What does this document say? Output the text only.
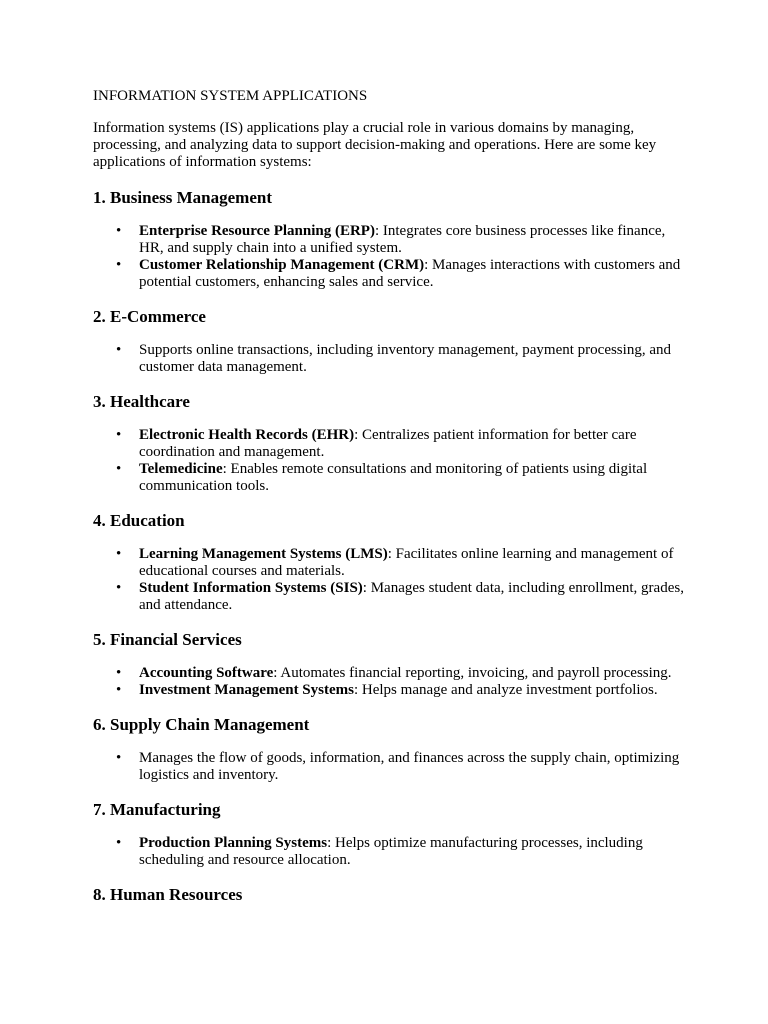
INFORMATION SYSTEM APPLICATIONS
Information systems (IS) applications play a crucial role in various domains by managing, processing, and analyzing data to support decision-making and operations. Here are some key applications of information systems:
1. Business Management
• Enterprise Resource Planning (ERP): Integrates core business processes like finance, HR, and supply chain into a unified system.
• Customer Relationship Management (CRM): Manages interactions with customers and potential customers, enhancing sales and service.
2. E-Commerce
• Supports online transactions, including inventory management, payment processing, and customer data management.
3. Healthcare
• Electronic Health Records (EHR): Centralizes patient information for better care coordination and management.
• Telemedicine: Enables remote consultations and monitoring of patients using digital communication tools.
4. Education
• Learning Management Systems (LMS): Facilitates online learning and management of educational courses and materials.
• Student Information Systems (SIS): Manages student data, including enrollment, grades, and attendance.
5. Financial Services
• Accounting Software: Automates financial reporting, invoicing, and payroll processing.
• Investment Management Systems: Helps manage and analyze investment portfolios.
6. Supply Chain Management
• Manages the flow of goods, information, and finances across the supply chain, optimizing logistics and inventory.
7. Manufacturing
• Production Planning Systems: Helps optimize manufacturing processes, including scheduling and resource allocation.
8. Human Resources
